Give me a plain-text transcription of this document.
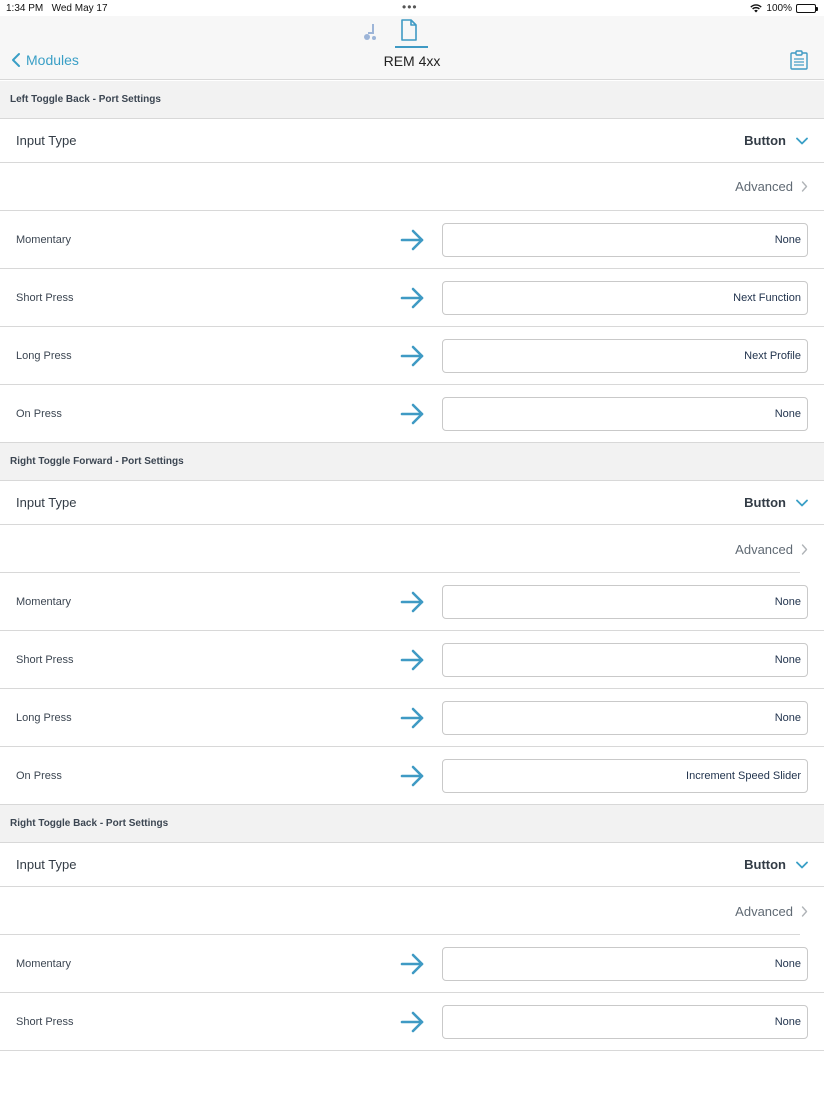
1:34 PM Wed May 17	•••	100%
Modules	REM 4xx
Left Toggle Back - Port Settings
Input Type	Button
Advanced
Momentary	None
Short Press	Next Function
Long Press	Next Profile
On Press	None
Right Toggle Forward - Port Settings
Input Type	Button
Advanced
Momentary	None
Short Press	None
Long Press	None
On Press	Increment Speed Slider
Right Toggle Back - Port Settings
Input Type	Button
Advanced
Momentary	None
Short Press	None
